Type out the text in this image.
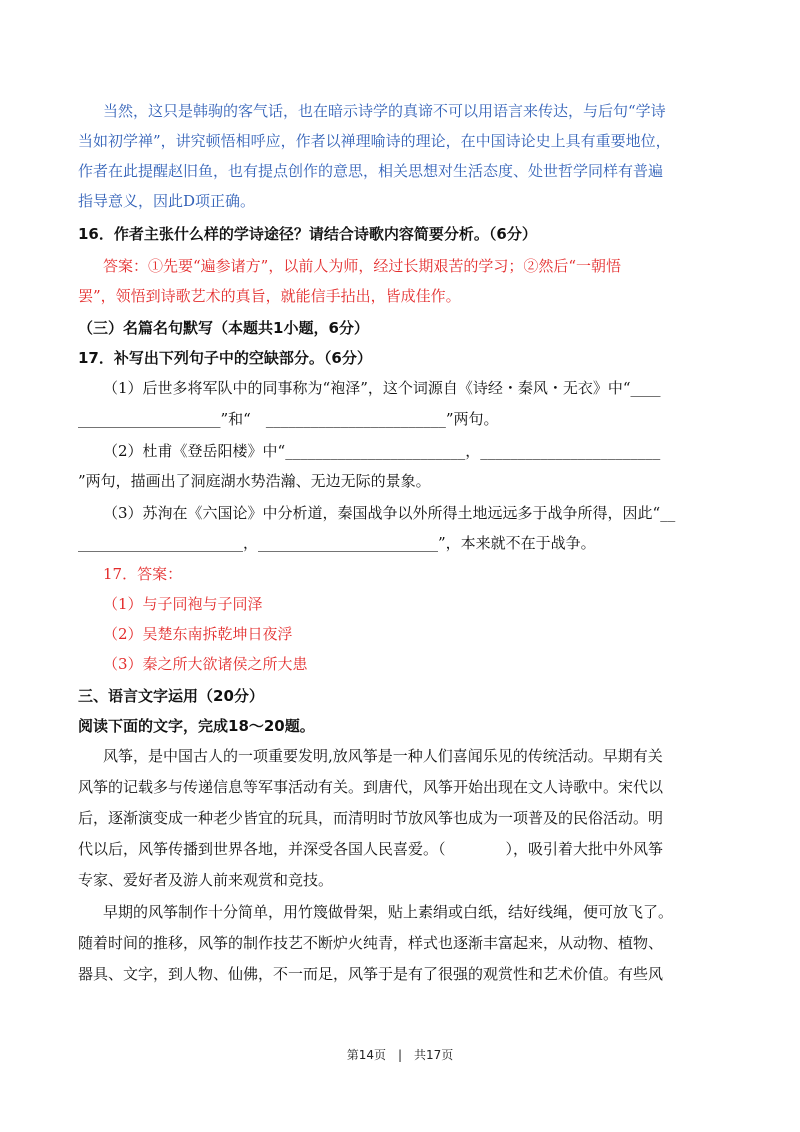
当然，这只是韩驹的客气话，也在暗示诗学的真谛不可以用语言来传达，与后句“学诗
当如初学禅”，讲究顿悟相呼应，作者以禅理喻诗的理论，在中国诗论史上具有重要地位，
作者在此提醒赵旧鱼，也有提点创作的意思，相关思想对生活态度、处世哲学同样有普遍
指导意义，因此D项正确。
16．作者主张什么样的学诗途径？请结合诗歌内容简要分析。（6分）
答案：①先要“遍参诸方”，以前人为师，经过长期艰苦的学习；②然后“一朝悟
罢”，领悟到诗歌艺术的真旨，就能信手拈出，皆成佳作。
（三）名篇名句默写（本题共1小题，6分）
17．补写出下列句子中的空缺部分。（6分）
（1）后世多将军队中的同事称为“袍泽”，这个词源自《诗经・秦风・无衣》中“____
___________________”和“　________________________”两句。
（2）杜甫《登岳阳楼》中“________________________，________________________
”两句，描画出了洞庭湖水势浩瀚、无边无际的景象。
（3）苏洵在《六国论》中分析道，秦国战争以外所得土地远远多于战争所得，因此“__
______________________，________________________”，本来就不在于战争。
17．答案：
（1）与子同袍与子同泽
（2）吴楚东南拆乾坤日夜浮
（3）秦之所大欲诸侯之所大患
三、语言文字运用（20分）
阅读下面的文字，完成18～20题。
风筝，是中国古人的一项重要发明,放风筝是一种人们喜闻乐见的传统活动。早期有关
风筝的记载多与传递信息等军事活动有关。到唐代，风筝开始出现在文人诗歌中。宋代以
后，逐渐演变成一种老少皆宜的玩具，而清明时节放风筝也成为一项普及的民俗活动。明
代以后，风筝传播到世界各地，并深受各国人民喜爱。（　　　　），吸引着大批中外风筝
专家、爱好者及游人前来观赏和竞技。
早期的风筝制作十分简单，用竹篾做骨架，贴上素绢或白纸，结好线绳，便可放飞了。
随着时间的推移，风筝的制作技艺不断炉火纯青，样式也逐渐丰富起来，从动物、植物、
器具、文字，到人物、仙佛，不一而足，风筝于是有了很强的观赏性和艺术价值。有些风
第14页　|　共17页
